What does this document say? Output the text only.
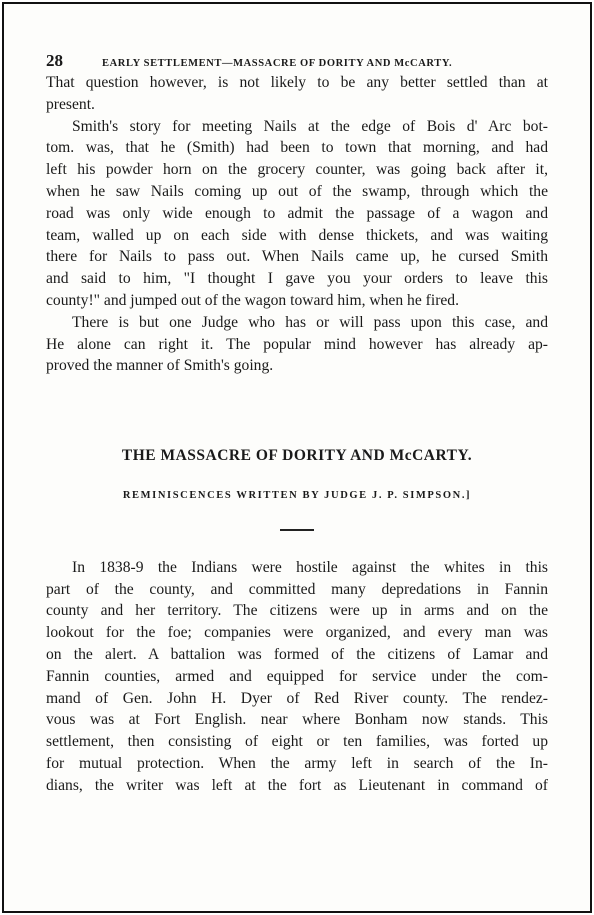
28	EARLY SETTLEMENT—MASSACRE OF DORITY AND McCARTY.

That question however, is not likely to be any better settled than at
present.

Smith's story for meeting Nails at the edge of Bois d' Arc bot-
tom. was, that he (Smith) had been to town that morning, and had
left his powder horn on the grocery counter, was going back after it,
when he saw Nails coming up out of the swamp, through which the
road was only wide enough to admit the passage of a wagon and
team, walled up on each side with dense thickets, and was waiting
there for Nails to pass out. When Nails came up, he cursed Smith
and said to him, "I thought I gave you your orders to leave this
county!" and jumped out of the wagon toward him, when he fired.

There is but one Judge who has or will pass upon this case, and
He alone can right it. The popular mind however has already ap-
proved the manner of Smith's going.

THE MASSACRE OF DORITY AND McCARTY.
REMINISCENCES WRITTEN BY JUDGE J. P. SIMPSON.]

In 1838-9 the Indians were hostile against the whites in this
part of the county, and committed many depredations in Fannin
county and her territory. The citizens were up in arms and on the
lookout for the foe; companies were organized, and every man was
on the alert. A battalion was formed of the citizens of Lamar and
Fannin counties, armed and equipped for service under the com-
mand of Gen. John H. Dyer of Red River county. The rendez-
vous was at Fort English. near where Bonham now stands. This
settlement, then consisting of eight or ten families, was forted up
for mutual protection. When the army left in search of the In-
dians, the writer was left at the fort as Lieutenant in command of
